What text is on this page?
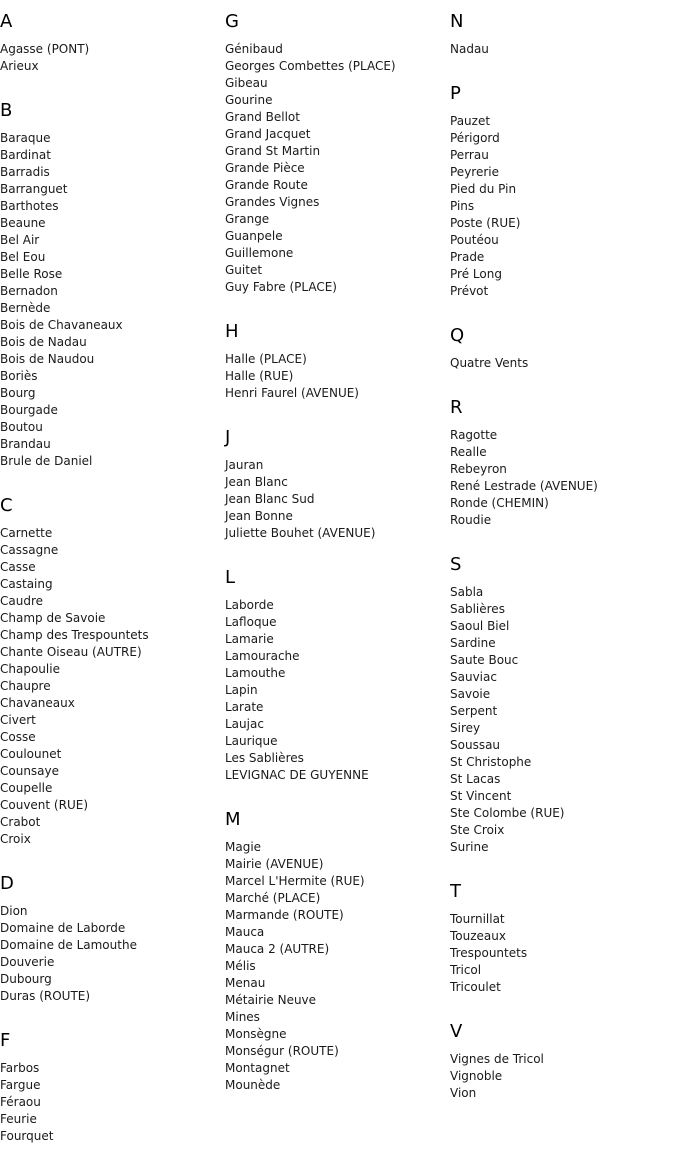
A
Agasse (PONT)
Arieux
B
Baraque
Bardinat
Barradis
Barranguet
Barthotes
Beaune
Bel Air
Bel Eou
Belle Rose
Bernadon
Bernède
Bois de Chavaneaux
Bois de Nadau
Bois de Naudou
Boriès
Bourg
Bourgade
Boutou
Brandau
Brule de Daniel
C
Carnette
Cassagne
Casse
Castaing
Caudre
Champ de Savoie
Champ des Trespountets
Chante Oiseau (AUTRE)
Chapoulie
Chaupre
Chavaneaux
Civert
Cosse
Coulounet
Counsaye
Coupelle
Couvent (RUE)
Crabot
Croix
D
Dion
Domaine de Laborde
Domaine de Lamouthe
Douverie
Dubourg
Duras (ROUTE)
F
Farbos
Fargue
Féraou
Feurie
Fourquet
G
Génibaud
Georges Combettes (PLACE)
Gibeau
Gourine
Grand Bellot
Grand Jacquet
Grand St Martin
Grande Pièce
Grande Route
Grandes Vignes
Grange
Guanpele
Guillemone
Guitet
Guy Fabre (PLACE)
H
Halle (PLACE)
Halle (RUE)
Henri Faurel (AVENUE)
J
Jauran
Jean Blanc
Jean Blanc Sud
Jean Bonne
Juliette Bouhet (AVENUE)
L
Laborde
Lafloque
Lamarie
Lamourache
Lamouthe
Lapin
Larate
Laujac
Laurique
Les Sablières
LEVIGNAC DE GUYENNE
M
Magie
Mairie (AVENUE)
Marcel L'Hermite (RUE)
Marché (PLACE)
Marmande (ROUTE)
Mauca
Mauca 2 (AUTRE)
Mélis
Menau
Métairie Neuve
Mines
Monsègne
Monségur (ROUTE)
Montagnet
Mounède
N
Nadau
P
Pauzet
Périgord
Perrau
Peyrerie
Pied du Pin
Pins
Poste (RUE)
Poutéou
Prade
Pré Long
Prévot
Q
Quatre Vents
R
Ragotte
Realle
Rebeyron
René Lestrade (AVENUE)
Ronde (CHEMIN)
Roudie
S
Sabla
Sablières
Saoul Biel
Sardine
Saute Bouc
Sauviac
Savoie
Serpent
Sirey
Soussau
St Christophe
St Lacas
St Vincent
Ste Colombe (RUE)
Ste Croix
Surine
T
Tournillat
Touzeaux
Trespountets
Tricol
Tricoulet
V
Vignes de Tricol
Vignoble
Vion
